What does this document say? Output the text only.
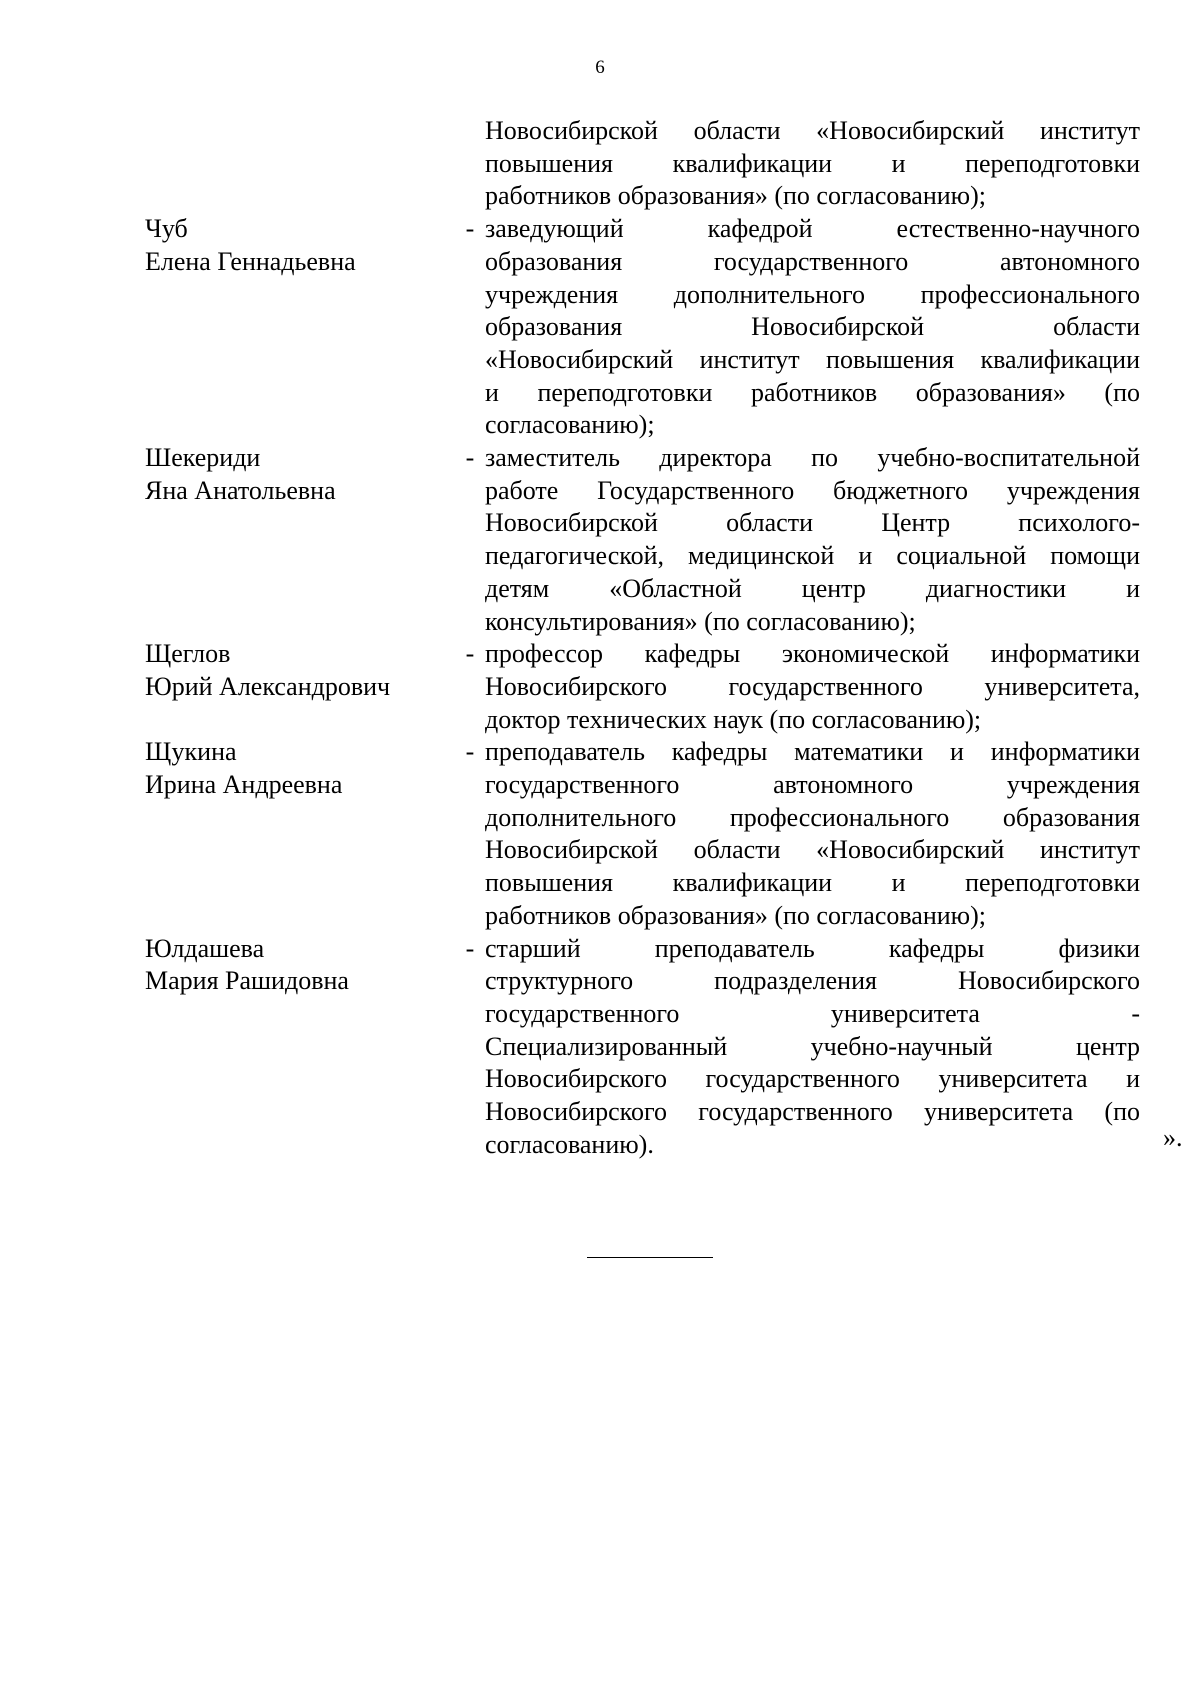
6
Новосибирской области «Новосибирский институт
повышения квалификации и переподготовки
работников образования» (по согласованию);
Чуб
Елена Геннадьевна
- заведующий кафедрой естественно-научного
образования государственного автономного
учреждения дополнительного профессионального
образования Новосибирской области
«Новосибирский институт повышения квалификации
и переподготовки работников образования» (по
согласованию);
Шекериди
Яна Анатольевна
- заместитель директора по учебно-воспитательной
работе Государственного бюджетного учреждения
Новосибирской области Центр психолого-
педагогической, медицинской и социальной помощи
детям «Областной центр диагностики и
консультирования» (по согласованию);
Щеглов
Юрий Александрович
- профессор кафедры экономической информатики
Новосибирского государственного университета,
доктор технических наук (по согласованию);
Щукина
Ирина Андреевна
- преподаватель кафедры математики и информатики
государственного автономного учреждения
дополнительного профессионального образования
Новосибирской области «Новосибирский институт
повышения квалификации и переподготовки
работников образования» (по согласованию);
Юлдашева
Мария Рашидовна
- старший преподаватель кафедры физики
структурного подразделения Новосибирского
государственного университета -
Специализированный учебно-научный центр
Новосибирского государственного университета и
Новосибирского государственного университета (по
согласованию).	».
